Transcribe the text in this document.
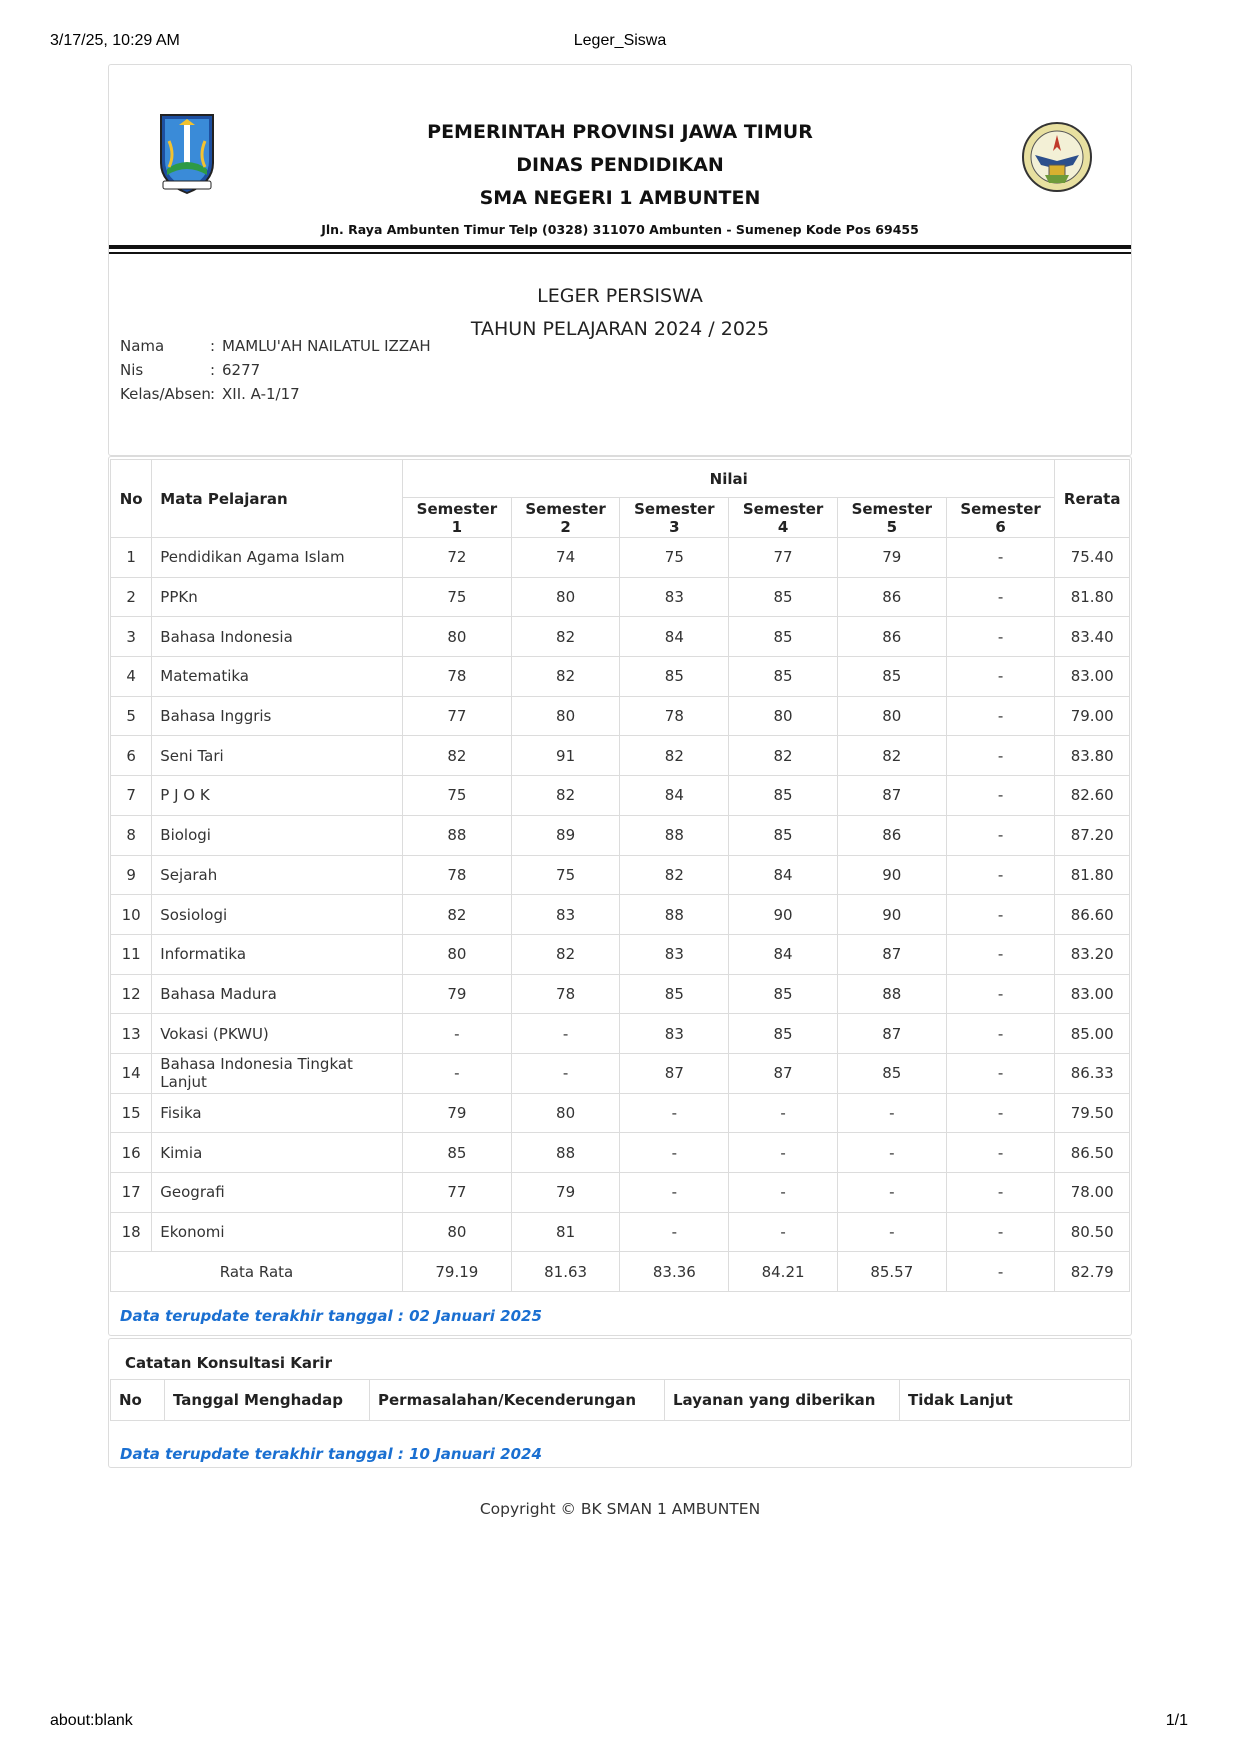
3/17/25, 10:29 AM	Leger_Siswa
PEMERINTAH PROVINSI JAWA TIMUR
DINAS PENDIDIKAN
SMA NEGERI 1 AMBUNTEN
Jln. Raya Ambunten Timur Telp (0328) 311070 Ambunten - Sumenep Kode Pos 69455
LEGER PERSISWA
TAHUN PELAJARAN 2024 / 2025
Nama	: MAMLU'AH NAILATUL IZZAH
Nis	: 6277
Kelas/Absen: XII. A-1/17
No	Mata Pelajaran	Nilai						Rerata
		Semester 1	Semester 2	Semester 3	Semester 4	Semester 5	Semester 6	
1	Pendidikan Agama Islam	72	74	75	77	79	-	75.40
2	PPKn	75	80	83	85	86	-	81.80
3	Bahasa Indonesia	80	82	84	85	86	-	83.40
4	Matematika	78	82	85	85	85	-	83.00
5	Bahasa Inggris	77	80	78	80	80	-	79.00
6	Seni Tari	82	91	82	82	82	-	83.80
7	P J O K	75	82	84	85	87	-	82.60
8	Biologi	88	89	88	85	86	-	87.20
9	Sejarah	78	75	82	84	90	-	81.80
10	Sosiologi	82	83	88	90	90	-	86.60
11	Informatika	80	82	83	84	87	-	83.20
12	Bahasa Madura	79	78	85	85	88	-	83.00
13	Vokasi (PKWU)	-	-	83	85	87	-	85.00
14	Bahasa Indonesia Tingkat Lanjut	-	-	87	87	85	-	86.33
15	Fisika	79	80	-	-	-	-	79.50
16	Kimia	85	88	-	-	-	-	86.50
17	Geografi	77	79	-	-	-	-	78.00
18	Ekonomi	80	81	-	-	-	-	80.50
Rata Rata		79.19	81.63	83.36	84.21	85.57	-	82.79
Data terupdate terakhir tanggal : 02 Januari 2025
Catatan Konsultasi Karir
No	Tanggal Menghadap	Permasalahan/Kecenderungan	Layanan yang diberikan	Tidak Lanjut
Data terupdate terakhir tanggal : 10 Januari 2024
Copyright © BK SMAN 1 AMBUNTEN
about:blank	1/1
